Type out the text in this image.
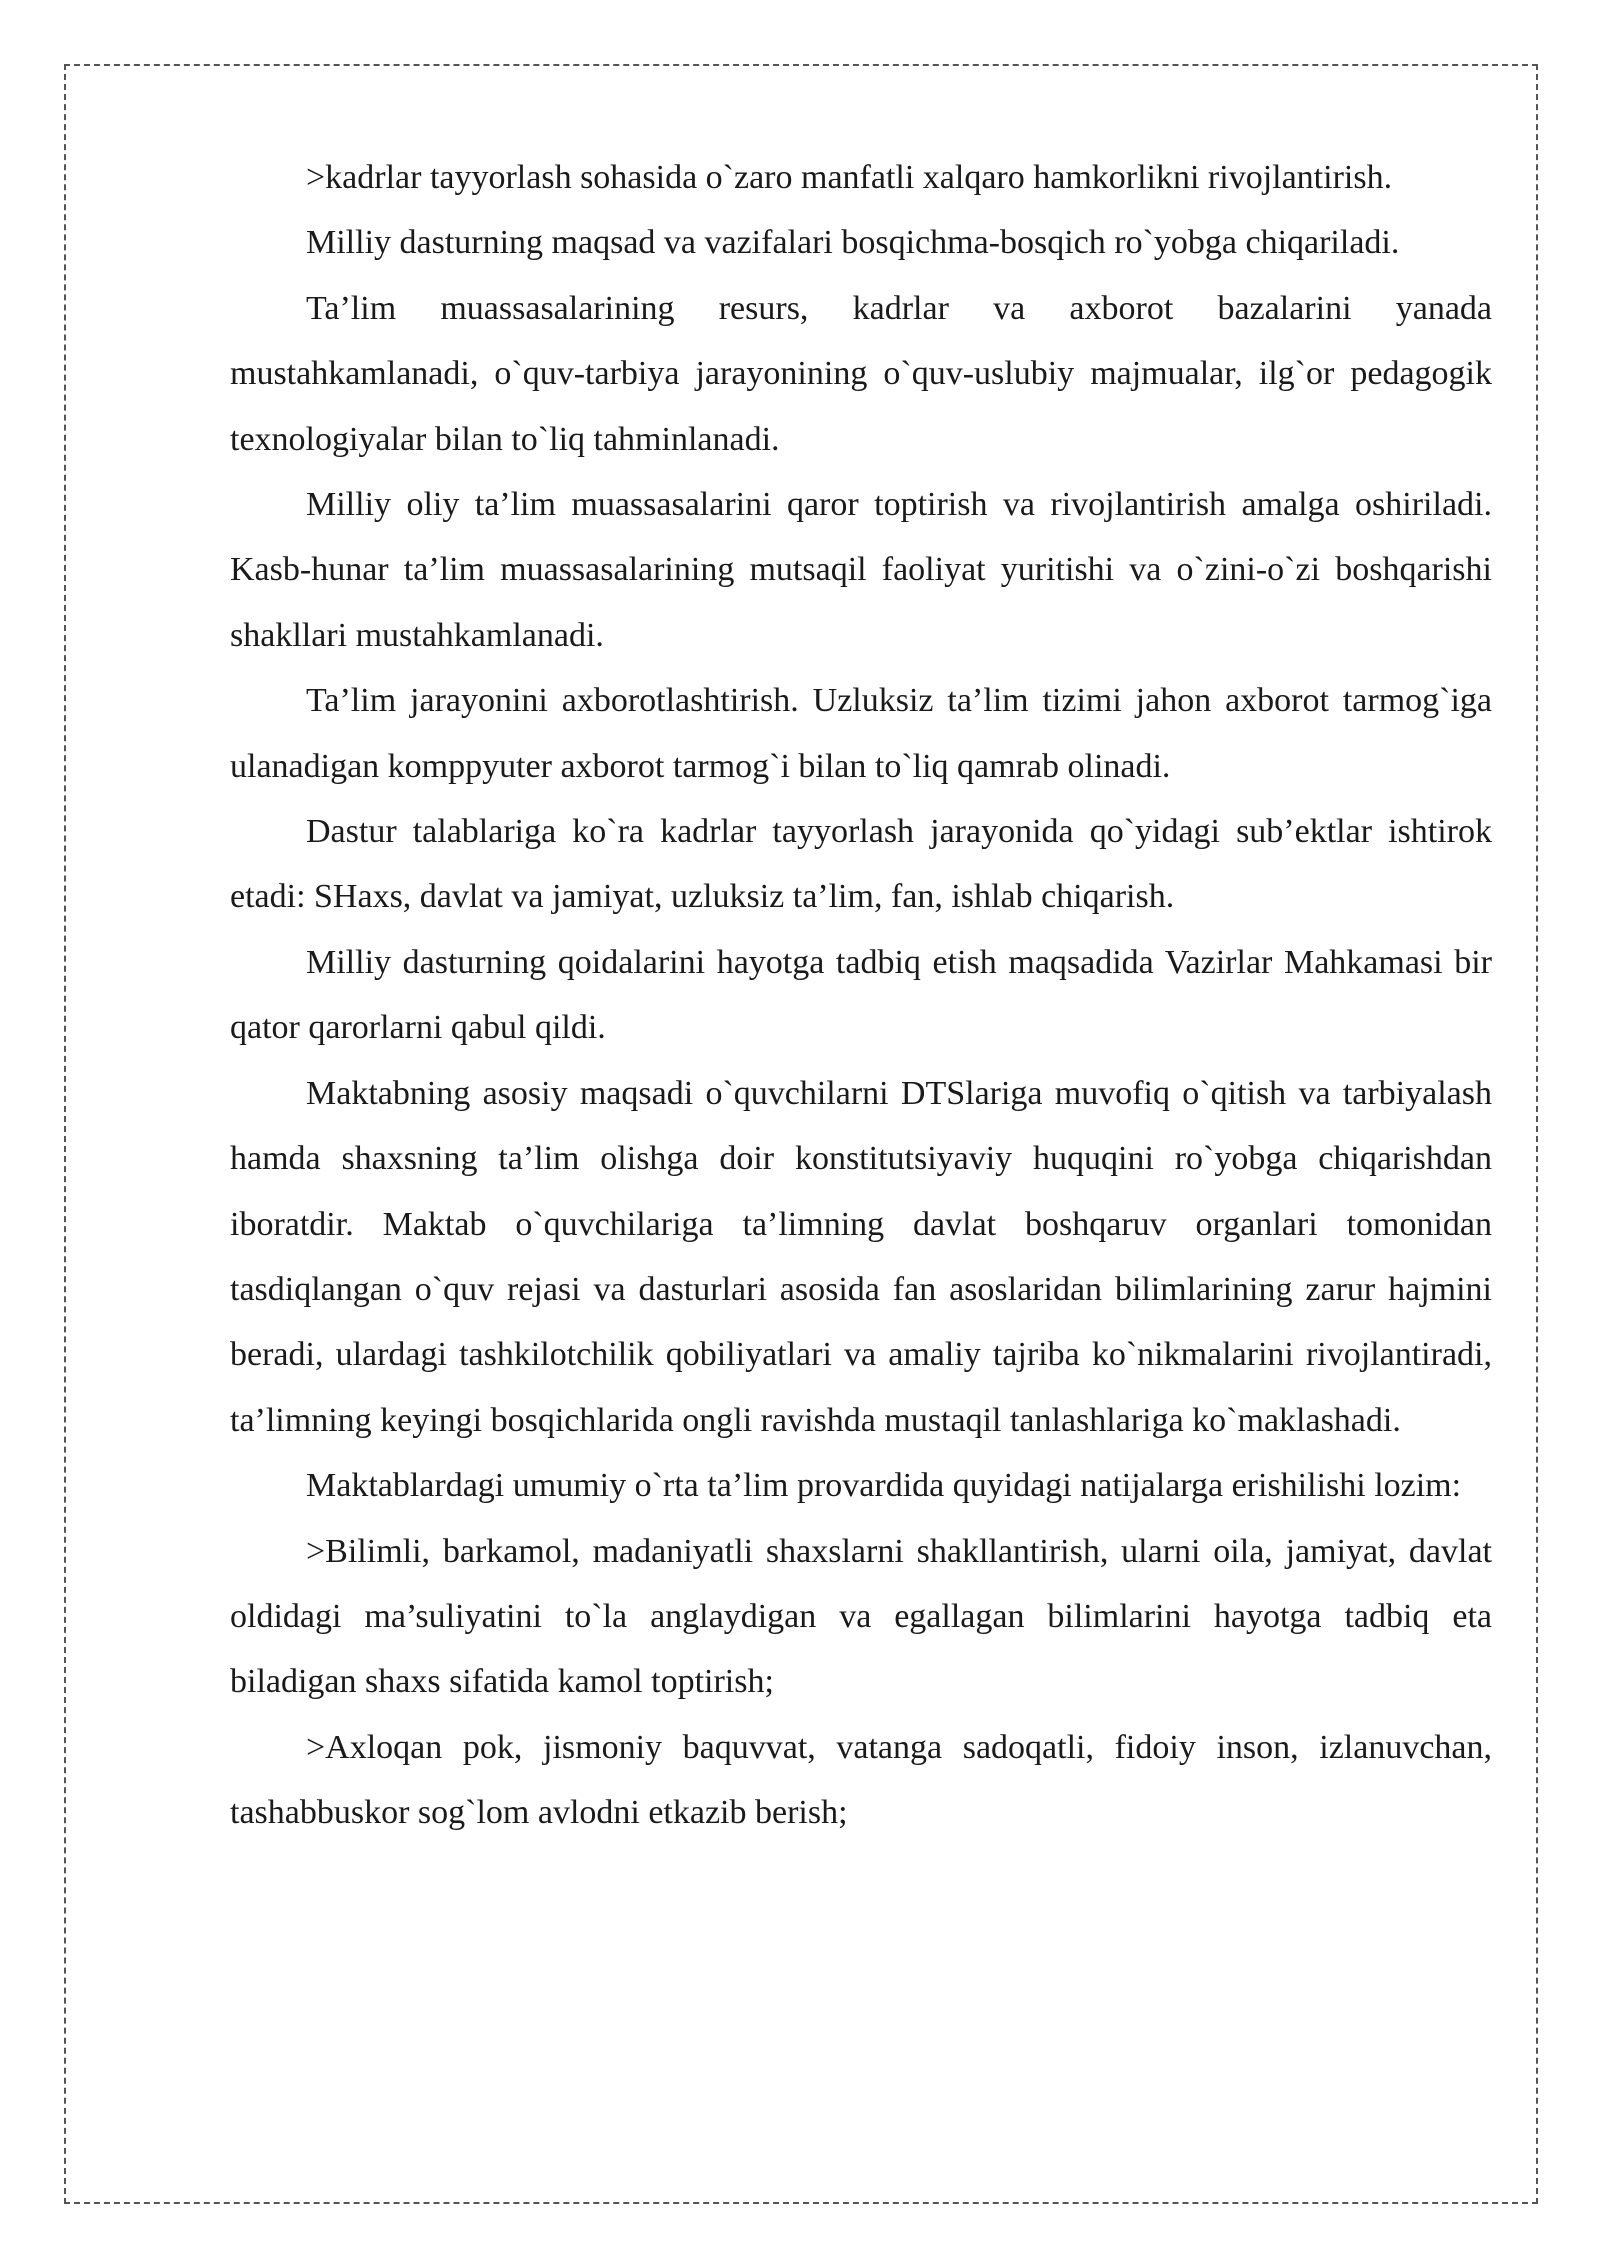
>kadrlar tayyorlash sohasida o`zaro manfatli xalqaro hamkorlikni rivojlantirish.

Milliy dasturning maqsad va vazifalari bosqichma-bosqich ro`yobga chiqariladi.

Ta’lim muassasalarining resurs, kadrlar va axborot bazalarini yanada mustahkamlanadi, o`quv-tarbiya jarayonining o`quv-uslubiy majmualar, ilg`or pedagogik texnologiyalar bilan to`liq tahminlanadi.

Milliy oliy ta’lim muassasalarini qaror toptirish va rivojlantirish amalga oshiriladi. Kasb-hunar ta’lim muassasalarining mutsaqil faoliyat yuritishi va o`zini-o`zi boshqarishi shakllari mustahkamlanadi.

Ta’lim jarayonini axborotlashtirish. Uzluksiz ta’lim tizimi jahon axborot tarmog`iga ulanadigan komppyuter axborot tarmog`i bilan to`liq qamrab olinadi.

Dastur talablariga ko`ra kadrlar tayyorlash jarayonida qo`yidagi sub’ektlar ishtirok etadi: SHaxs, davlat va jamiyat, uzluksiz ta’lim, fan, ishlab chiqarish.

Milliy dasturning qoidalarini hayotga tadbiq etish maqsadida Vazirlar Mahkamasi bir qator qarorlarni qabul qildi.

Maktabning asosiy maqsadi o`quvchilarni DTSlariga muvofiq o`qitish va tarbiyalash hamda shaxsning ta’lim olishga doir konstitutsiyaviy huquqini ro`yobga chiqarishdan iboratdir. Maktab o`quvchilariga ta’limning davlat boshqaruv organlari tomonidan tasdiqlangan o`quv rejasi va dasturlari asosida fan asoslaridan bilimlarining zarur hajmini beradi, ulardagi tashkilotchilik qobiliyatlari va amaliy tajriba ko`nikmalarini rivojlantiradi, ta’limning keyingi bosqichlarida ongli ravishda mustaqil tanlashlariga ko`maklashadi.

Maktablardagi umumiy o`rta ta’lim provardida quyidagi natijalarga erishilishi lozim:

>Bilimli, barkamol, madaniyatli shaxslarni shakllantirish, ularni oila, jamiyat, davlat oldidagi ma’suliyatini to`la anglaydigan va egallagan bilimlarini hayotga tadbiq eta biladigan shaxs sifatida kamol toptirish;

>Axloqan pok, jismoniy baquvvat, vatanga sadoqatli, fidoiy inson, izlanuvchan, tashabbuskor sog`lom avlodni etkazib berish;
